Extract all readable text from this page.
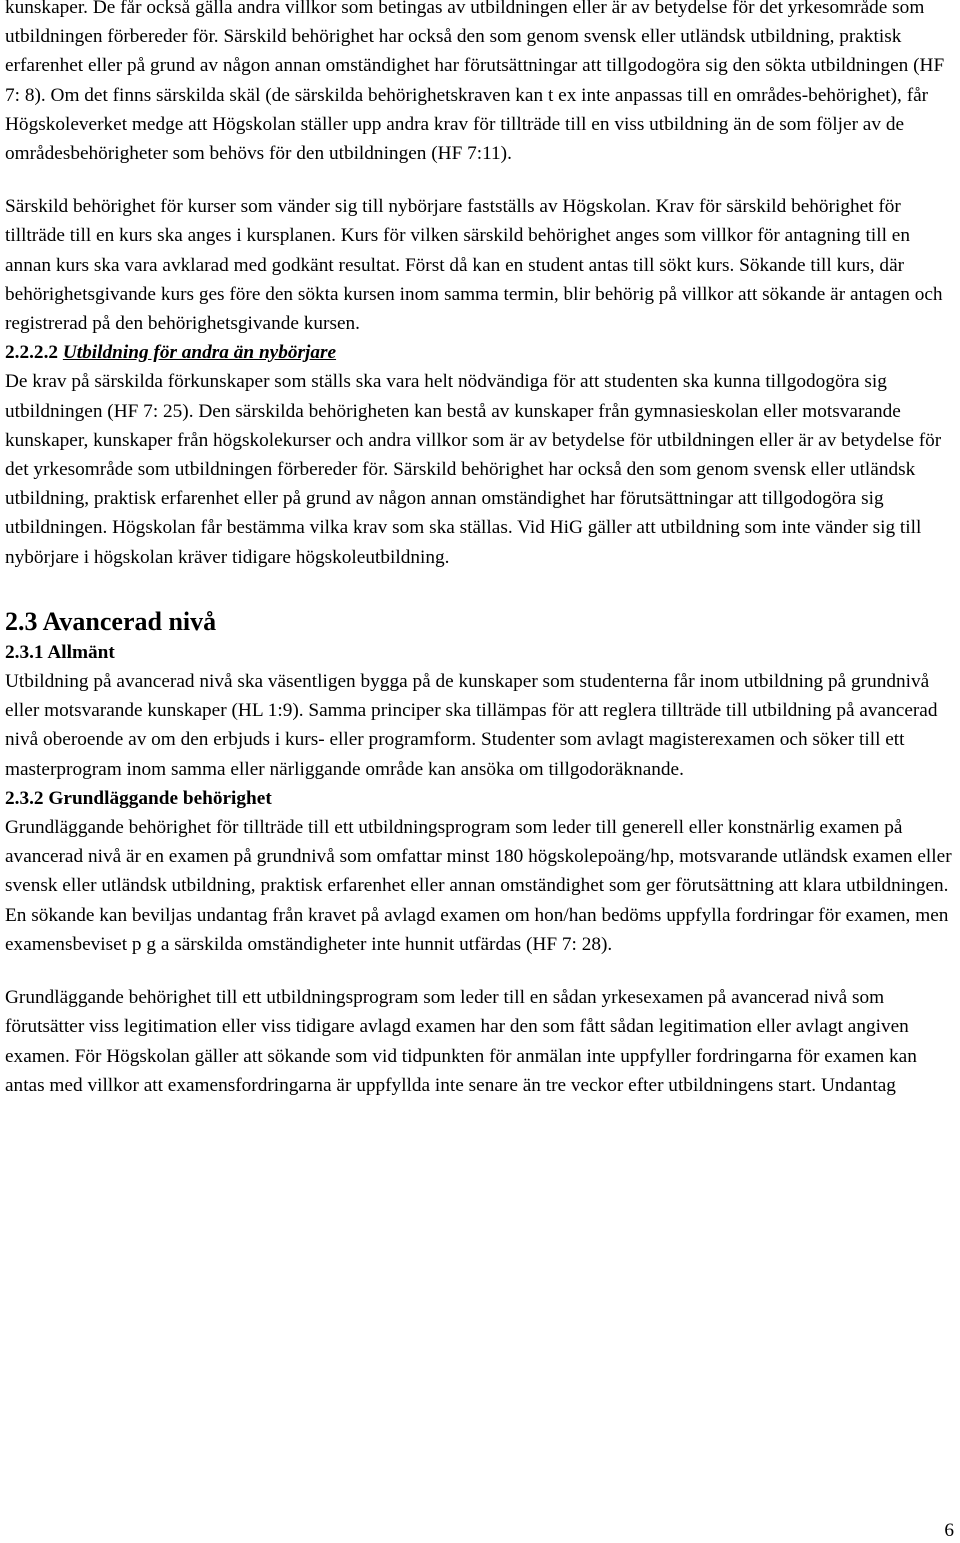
kunskaper. De får också gälla andra villkor som betingas av utbildningen eller är av betydelse för det yrkesområde som utbildningen förbereder för. Särskild behörighet har också den som genom svensk eller utländsk utbildning, praktisk erfarenhet eller på grund av någon annan omständighet har förutsättningar att tillgodogöra sig den sökta utbildningen (HF 7: 8). Om det finns särskilda skäl (de särskilda behörighetskraven kan t ex inte anpassas till en områdes-behörighet), får Högskoleverket medge att Högskolan ställer upp andra krav för tillträde till en viss utbildning än de som följer av de områdesbehörigheter som behövs för den utbildningen (HF 7:11).

Särskild behörighet för kurser som vänder sig till nybörjare fastställs av Högskolan. Krav för särskild behörighet för tillträde till en kurs ska anges i kursplanen. Kurs för vilken särskild behörighet anges som villkor för antagning till en annan kurs ska vara avklarad med godkänt resultat. Först då kan en student antas till sökt kurs. Sökande till kurs, där behörighetsgivande kurs ges före den sökta kursen inom samma termin, blir behörig på villkor att sökande är antagen och registrerad på den behörighetsgivande kursen.

2.2.2.2 Utbildning för andra än nybörjare

De krav på särskilda förkunskaper som ställs ska vara helt nödvändiga för att studenten ska kunna tillgodogöra sig utbildningen (HF 7: 25). Den särskilda behörigheten kan bestå av kunskaper från gymnasieskolan eller motsvarande kunskaper, kunskaper från högskolekurser och andra villkor som är av betydelse för utbildningen eller är av betydelse för det yrkesområde som utbildningen förbereder för. Särskild behörighet har också den som genom svensk eller utländsk utbildning, praktisk erfarenhet eller på grund av någon annan omständighet har förutsättningar att tillgodogöra sig utbildningen. Högskolan får bestämma vilka krav som ska ställas. Vid HiG gäller att utbildning som inte vänder sig till nybörjare i högskolan kräver tidigare högskoleutbildning.

2.3 Avancerad nivå
2.3.1 Allmänt

Utbildning på avancerad nivå ska väsentligen bygga på de kunskaper som studenterna får inom utbildning på grundnivå eller motsvarande kunskaper (HL 1:9). Samma principer ska tillämpas för att reglera tillträde till utbildning på avancerad nivå oberoende av om den erbjuds i kurs- eller programform. Studenter som avlagt magisterexamen och söker till ett masterprogram inom samma eller närliggande område kan ansöka om tillgodoräknande.

2.3.2 Grundläggande behörighet

Grundläggande behörighet för tillträde till ett utbildningsprogram som leder till generell eller konstnärlig examen på avancerad nivå är en examen på grundnivå som omfattar minst 180 högskolepoäng/hp, motsvarande utländsk examen eller svensk eller utländsk utbildning, praktisk erfarenhet eller annan omständighet som ger förutsättning att klara utbildningen. En sökande kan beviljas undantag från kravet på avlagd examen om hon/han bedöms uppfylla fordringar för examen, men examensbeviset p g a särskilda omständigheter inte hunnit utfärdas (HF 7: 28).

Grundläggande behörighet till ett utbildningsprogram som leder till en sådan yrkesexamen på avancerad nivå som förutsätter viss legitimation eller viss tidigare avlagd examen har den som fått sådan legitimation eller avlagt angiven examen. För Högskolan gäller att sökande som vid tidpunkten för anmälan inte uppfyller fordringarna för examen kan antas med villkor att examensfordringarna är uppfyllda inte senare än tre veckor efter utbildningens start. Undantag

6
